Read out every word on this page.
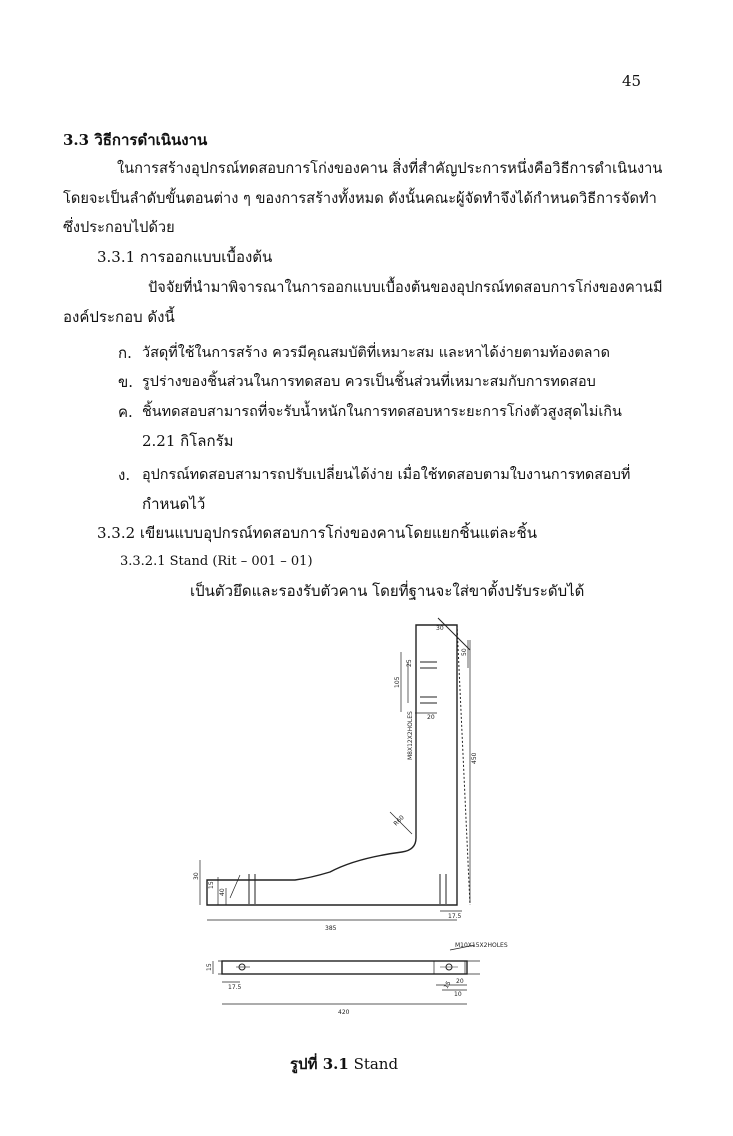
45
3.3 วิธีการดำเนินงาน
ในการสร้างอุปกรณ์ทดสอบการโก่งของคาน สิ่งที่สำคัญประการหนึ่งคือวิธีการดำเนินงาน
โดยจะเป็นลำดับขั้นตอนต่าง ๆ ของการสร้างทั้งหมด ดังนั้นคณะผู้จัดทำจึงได้กำหนดวิธีการจัดทำ
ซึ่งประกอบไปด้วย
3.3.1 การออกแบบเบื้องต้น
ปัจจัยที่นำมาพิจารณาในการออกแบบเบื้องต้นของอุปกรณ์ทดสอบการโก่งของคานมี
องค์ประกอบ ดังนี้
ก. วัสดุที่ใช้ในการสร้าง ควรมีคุณสมบัติที่เหมาะสม และหาได้ง่ายตามท้องตลาด
ข. รูปร่างของชิ้นส่วนในการทดสอบ ควรเป็นชิ้นส่วนที่เหมาะสมกับการทดสอบ
ค. ชิ้นทดสอบสามารถที่จะรับน้ำหนักในการทดสอบหาระยะการโก่งตัวสูงสุดไม่เกิน
2.21 กิโลกรัม
ง. อุปกรณ์ทดสอบสามารถปรับเปลี่ยนได้ง่าย เมื่อใช้ทดสอบตามใบงานการทดสอบที่
กำหนดไว้
3.3.2 เขียนแบบอุปกรณ์ทดสอบการโก่งของคานโดยแยกชิ้นแต่ละชิ้น
3.3.2.1 Stand (Rit – 001 – 01)
เป็นตัวยึดและรองรับตัวคาน โดยที่ฐานจะใส่ขาตั้งปรับระดับได้
30
50
25
105
20
M8X12X2HOLES	450
R60
30
15
40
385
17.5
M10X15X2HOLES
15
17.5
20
15
10
420
รูปที่ 3.1 Stand
